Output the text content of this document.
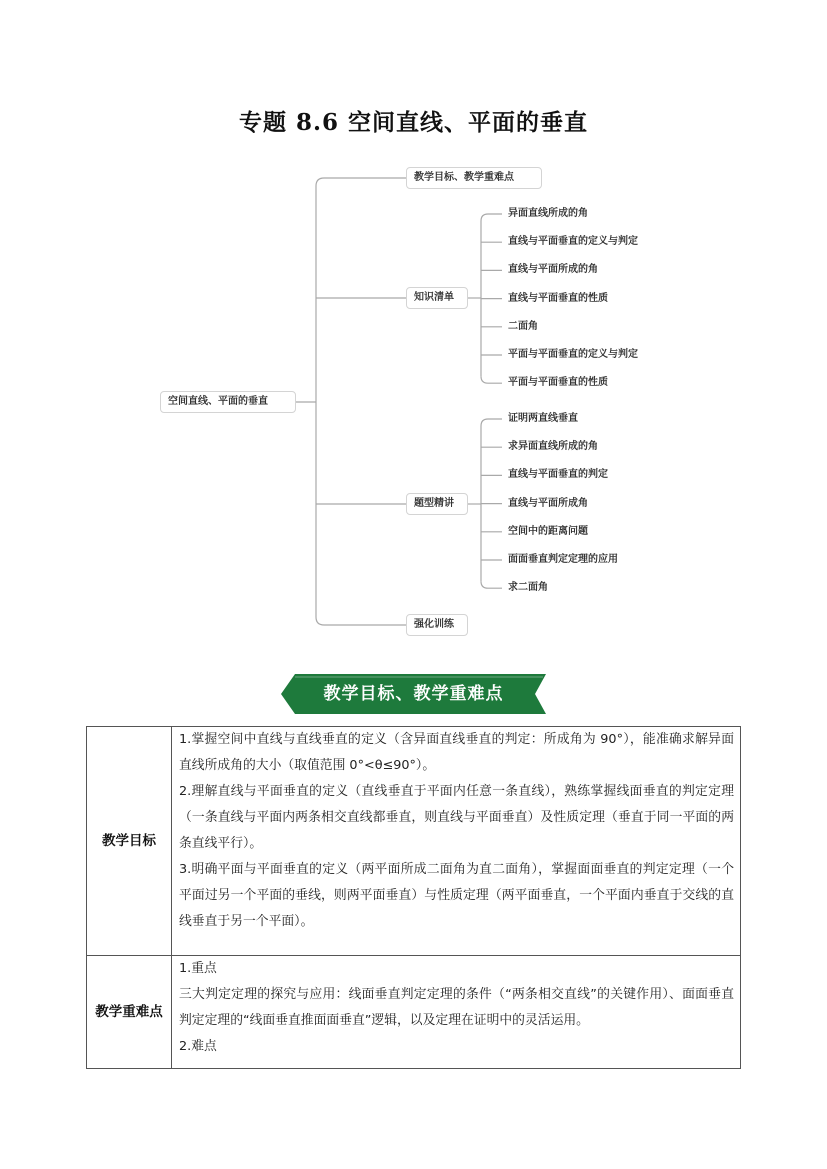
专题 8.6 空间直线、平面的垂直
空间直线、平面的垂直
教学目标、教学重难点
知识清单
题型精讲
强化训练
异面直线所成的角
直线与平面垂直的定义与判定
直线与平面所成的角
直线与平面垂直的性质
二面角
平面与平面垂直的定义与判定
平面与平面垂直的性质
证明两直线垂直
求异面直线所成的角
直线与平面垂直的判定
直线与平面所成角
空间中的距离问题
面面垂直判定定理的应用
求二面角
教学目标、教学重难点
教学目标	1.掌握空间中直线与直线垂直的定义（含异面直线垂直的判定：所成角为 90°），能准确求解异面直线所成角的大小（取值范围 0°<θ≤90°）。

2.理解直线与平面垂直的定义（直线垂直于平面内任意一条直线），熟练掌握线面垂直的判定定理（一条直线与平面内两条相交直线都垂直，则直线与平面垂直）及性质定理（垂直于同一平面的两条直线平行）。

3.明确平面与平面垂直的定义（两平面所成二面角为直二面角），掌握面面垂直的判定定理（一个平面过另一个平面的垂线，则两平面垂直）与性质定理（两平面垂直，一个平面内垂直于交线的直线垂直于另一个平面）。

教学重难点	1.重点

三大判定定理的探究与应用：线面垂直判定定理的条件（“两条相交直线”的关键作用）、面面垂直判定定理的“线面垂直推面面垂直”逻辑，以及定理在证明中的灵活运用。

2.难点
